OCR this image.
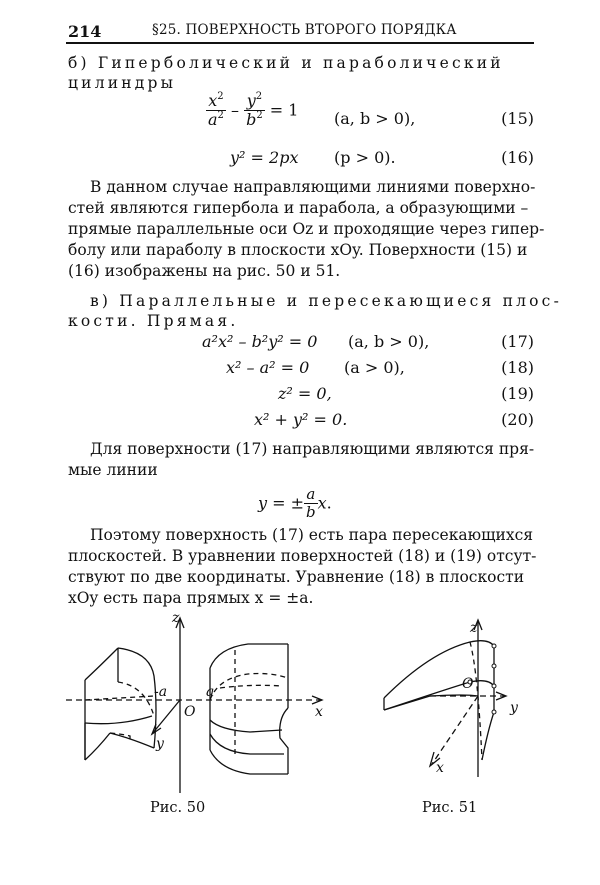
214	§25. ПОВЕРХНОСТЬ ВТОРОГО ПОРЯДКА
б) Гиперболический и параболический
цилиндры
$\frac{x^2}{a^2} - \frac{y^2}{b^2} = 1$ (a, b > 0),	(15)
y² = 2px (p > 0).	(16)
В данном случае направляющими линиями поверхно-
стей являются гипербола и парабола, а образующими –
прямые параллельные оси Oz и проходящие через гипер-
болу или параболу в плоскости xOy. Поверхности (15) и
(16) изображены на рис. 50 и 51.
в) Параллельные и пересекающиеся плос-
кости. Прямая.
a²x² – b²y² = 0 (a, b > 0),	(17)
x² – a² = 0 (a > 0),	(18)
z² = 0,	(19)
x² + y² = 0.	(20)
Для поверхности (17) направляющими являются пря-
мые линии
y = ± $\frac{a}{b} x$.
Поэтому поверхность (17) есть пара пересекающихся
плоскостей. В уравнении поверхностей (18) и (19) отсут-
ствуют по две координаты. Уравнение (18) в плоскости
xOy есть пара прямых x = ±a.
z
x
y
O
a
-a
Рис. 50
z
y
x
O
Рис. 51
